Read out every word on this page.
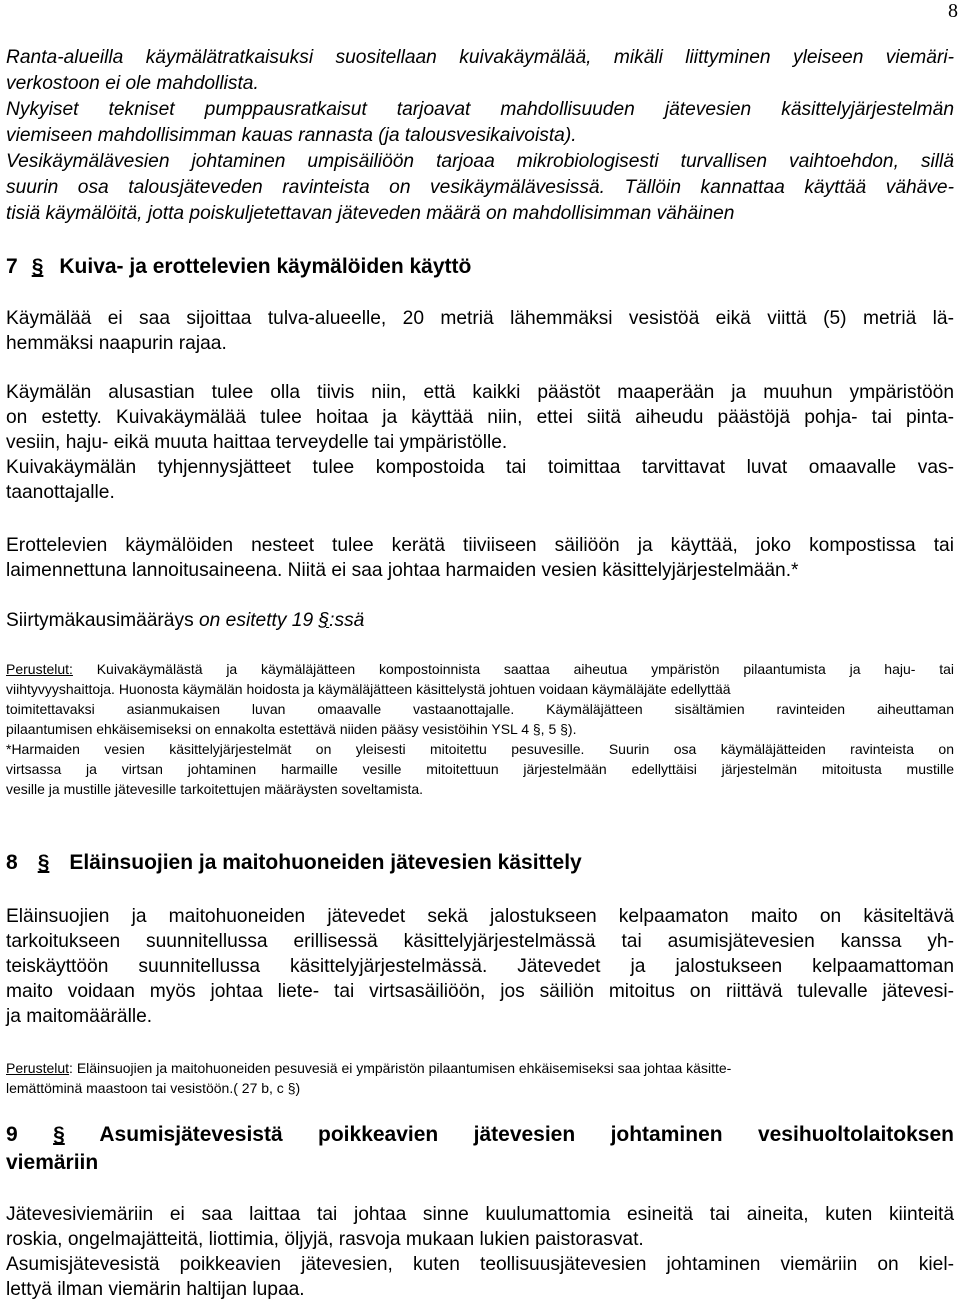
8
Ranta-alueilla käymälätratkaisuksi suositellaan kuivakäymälää, mikäli liittyminen yleiseen viemäri-
verkostoon ei ole mahdollista.
Nykyiset tekniset pumppausratkaisut tarjoavat mahdollisuuden jätevesien käsittelyjärjestelmän
viemiseen mahdollisimman kauas rannasta (ja talousvesikaivoista).
Vesikäymälävesien johtaminen umpisäiliöön tarjoaa mikrobiologisesti turvallisen vaihtoehdon, sillä
suurin osa talousjäteveden ravinteista on vesikäymälävesissä. Tällöin kannattaa käyttää vähäve-
tisiä käymälöitä, jotta poiskuljetettavan jäteveden määrä on mahdollisimman vähäinen
7 § Kuiva- ja erottelevien käymälöiden käyttö
Käymälää ei saa sijoittaa tulva-alueelle, 20 metriä lähemmäksi vesistöä eikä viittä (5) metriä lä-
hemmäksi naapurin rajaa.
Käymälän alusastian tulee olla tiivis niin, että kaikki päästöt maaperään ja muuhun ympäristöön
on estetty. Kuivakäymälää tulee hoitaa ja käyttää niin, ettei siitä aiheudu päästöjä pohja- tai pinta-
vesiin, haju- eikä muuta haittaa terveydelle tai ympäristölle.
Kuivakäymälän tyhjennysjätteet tulee kompostoida tai toimittaa tarvittavat luvat omaavalle vas-
taanottajalle.
Erottelevien käymälöiden nesteet tulee kerätä tiiviiseen säiliöön ja käyttää, joko kompostissa tai
laimennettuna lannoitusaineena. Niitä ei saa johtaa harmaiden vesien käsittelyjärjestelmään.*
Siirtymäkausimääräys on esitetty 19 §:ssä
Perustelut: Kuivakäymälästä ja käymäläjätteen kompostoinnista saattaa aiheutua ympäristön pilaantumista ja haju- tai
viihtyvyyshaittoja. Huonosta käymälän hoidosta ja käymäläjätteen käsittelystä johtuen voidaan käymäläjäte edellyttää
toimitettavaksi asianmukaisen luvan omaavalle vastaanottajalle. Käymäläjätteen sisältämien ravinteiden aiheuttaman
pilaantumisen ehkäisemiseksi on ennakolta estettävä niiden pääsy vesistöihin YSL 4 §, 5 §).
*Harmaiden vesien käsittelyjärjestelmät on yleisesti mitoitettu pesuvesille. Suurin osa käymäläjätteiden ravinteista on
virtsassa ja virtsan johtaminen harmaille vesille mitoitettuun järjestelmään edellyttäisi järjestelmän mitoitusta mustille
vesille ja mustille jätevesille tarkoitettujen määräysten soveltamista.
8 § Eläinsuojien ja maitohuoneiden jätevesien käsittely
Eläinsuojien ja maitohuoneiden jätevedet sekä jalostukseen kelpaamaton maito on käsiteltävä
tarkoitukseen suunnitellussa erillisessä käsittelyjärjestelmässä tai asumisjätevesien kanssa yh-
teiskäyttöön suunnitellussa käsittelyjärjestelmässä. Jätevedet ja jalostukseen kelpaamattoman
maito voidaan myös johtaa liete- tai virtsasäiliöön, jos säiliön mitoitus on riittävä tulevalle jätevesi-
ja maitomäärälle.
Perustelut: Eläinsuojien ja maitohuoneiden pesuvesiä ei ympäristön pilaantumisen ehkäisemiseksi saa johtaa käsitte-
lemättöminä maastoon tai vesistöön.( 27 b, c §)
9 § Asumisjätevesistä poikkeavien jätevesien johtaminen vesihuoltolaitoksen
viemäriin
Jätevesiviemäriin ei saa laittaa tai johtaa sinne kuulumattomia esineitä tai aineita, kuten kiinteitä
roskia, ongelmajätteitä, liottimia, öljyjä, rasvoja mukaan lukien paistorasvat.
Asumisjätevesistä poikkeavien jätevesien, kuten teollisuusjätevesien johtaminen viemäriin on kiel-
lettyä ilman viemärin haltijan lupaa.
